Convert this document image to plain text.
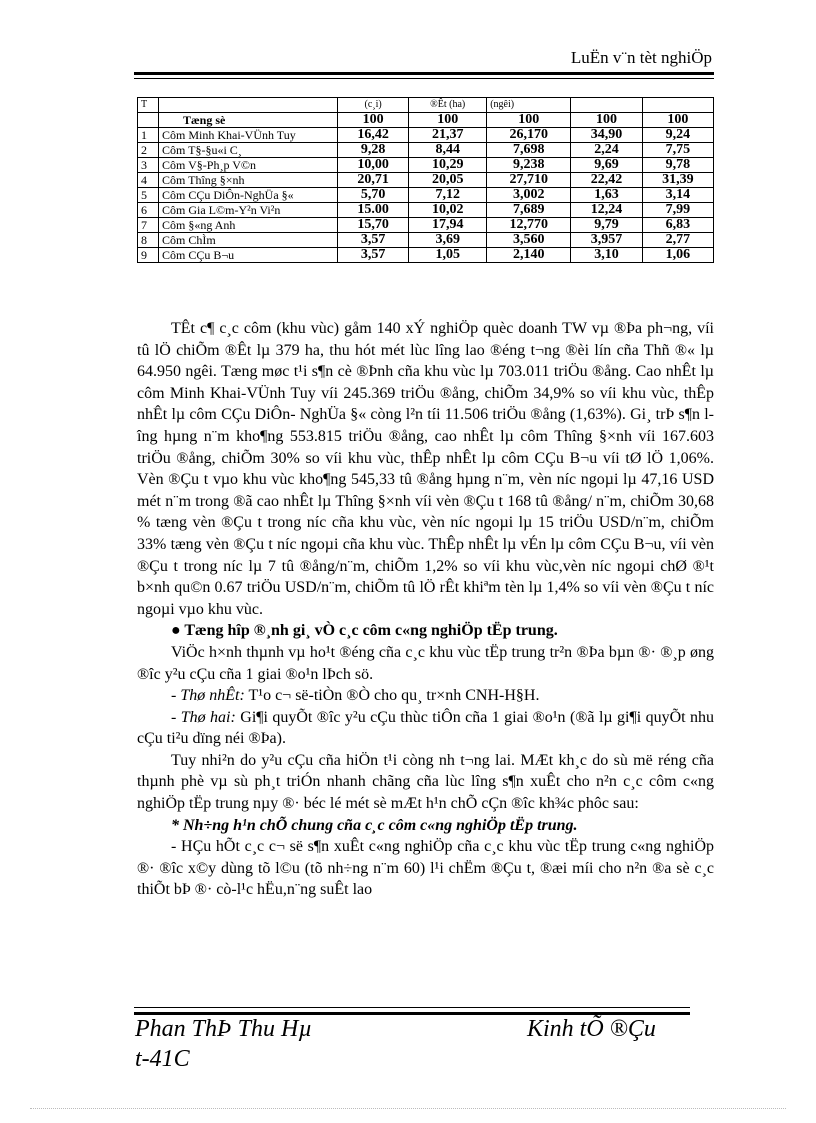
LuËn v¨n tèt nghiÖp
T		(c¸i)	®Êt (ha)	(ngêi)		
	Tæng sè	100	100	100	100	100
1	Côm Minh Khai-VÜnh Tuy	16,42	21,37	26,170	34,90	9,24
2	Côm T§-§u«i C¸	9,28	8,44	7,698	2,24	7,75
3	Côm V§-Ph¸p V©n	10,00	10,29	9,238	9,69	9,78
4	Côm Thîng §×nh	20,71	20,05	27,710	22,42	31,39
5	Côm CÇu DiÔn-NghÜa §«	5,70	7,12	3,002	1,63	3,14
6	Côm Gia L©m-Y²n Vi²n	15.00	10,02	7,689	12,24	7,99
7	Côm §«ng Anh	15,70	17,94	12,770	9,79	6,83
8	Côm ChÌm	3,57	3,69	3,560	3,957	2,77
9	Côm CÇu B¬u	3,57	1,05	2,140	3,10	1,06

TÊt c¶ c¸c côm (khu vùc) gåm 140 xÝ nghiÖp quèc doanh TW vµ ®Þa ph¬ng, víi tû lÖ chiÕm ®Êt lµ 379 ha, thu hót mét lùc lîng lao ®éng t¬ng ®èi lín cña Thñ ®« lµ 64.950 ngêi. Tæng møc t¹i s¶n cè ®Þnh cña khu vùc lµ 703.011 triÖu ®ång. Cao nhÊt lµ côm Minh Khai-VÜnh Tuy víi 245.369 triÖu ®ång, chiÕm 34,9% so víi khu vùc, thÊp nhÊt lµ côm CÇu DiÔn- NghÜa §« còng l²n tíi 11.506 triÖu ®ång (1,63%). Gi¸ trÞ s¶n lîng hµng n¨m kho¶ng 553.815 triÖu ®ång, cao nhÊt lµ côm Thîng §×nh víi 167.603 triÖu ®ång, chiÕm 30% so víi khu vùc, thÊp nhÊt lµ côm CÇu B¬u víi tØ lÖ 1,06%. Vèn ®Çu t vµo khu vùc kho¶ng 545,33 tû ®ång hµng n¨m, vèn níc ngoµi lµ 47,16 USD mét n¨m trong ®ã cao nhÊt lµ Thîng §×nh víi vèn ®Çu t 168 tû ®ång/ n¨m, chiÕm 30,68 % tæng vèn ®Çu t trong níc cña khu vùc, vèn níc ngoµi lµ 15 triÖu USD/n¨m, chiÕm 33% tæng vèn ®Çu t níc ngoµi cña khu vùc. ThÊp nhÊt lµ vÉn lµ côm CÇu B¬u, víi vèn ®Çu t trong níc lµ 7 tû ®ång/n¨m, chiÕm 1,2% so víi khu vùc,vèn níc ngoµi chØ ®¹t b×nh qu©n 0.67 triÖu USD/n¨m, chiÕm tû lÖ rÊt khiªm tèn lµ 1,4% so víi vèn ®Çu t níc ngoµi vµo khu vùc.

● Tæng hîp ®¸nh gi¸ vÒ c¸c côm c«ng nghiÖp tËp trung.

ViÖc h×nh thµnh vµ ho¹t ®éng cña c¸c khu vùc tËp trung tr²n ®Þa bµn ®· ®¸p øng ®îc y²u cÇu cña 1 giai ®o¹n lÞch sö.

- Thø nhÊt: T¹o c¬ së-tiÒn ®Ò cho qu¸ tr×nh CNH-H§H.

- Thø hai: Gi¶i quyÕt ®îc y²u cÇu thùc tiÔn cña 1 giai ®o¹n (®ã lµ gi¶i quyÕt nhu cÇu ti²u dïng néi ®Þa).

Tuy nhi²n do y²u cÇu cña hiÖn t¹i còng nh t¬ng lai. MÆt kh¸c do sù më réng cña thµnh phè vµ sù ph¸t triÓn nhanh chãng cña lùc lîng s¶n xuÊt cho n²n c¸c côm c«ng nghiÖp tËp trung nµy ®· béc lé mét sè mÆt h¹n chÕ cÇn ®îc kh¾c phôc sau:

* Nh÷ng h¹n chÕ chung cña c¸c côm c«ng nghiÖp tËp trung.

- HÇu hÕt c¸c c¬ së s¶n xuÊt c«ng nghiÖp cña c¸c khu vùc tËp trung c«ng nghiÖp ®· ®îc x©y dùng tõ l©u (tõ nh÷ng n¨m 60) l¹i chËm ®Çu t, ®æi míi cho n²n ®a sè c¸c thiÕt bÞ ®· cò-l¹c hËu,n¨ng suÊt lao

Phan ThÞ Thu Hµ
t-41C
Kinh tÕ ®Çu
